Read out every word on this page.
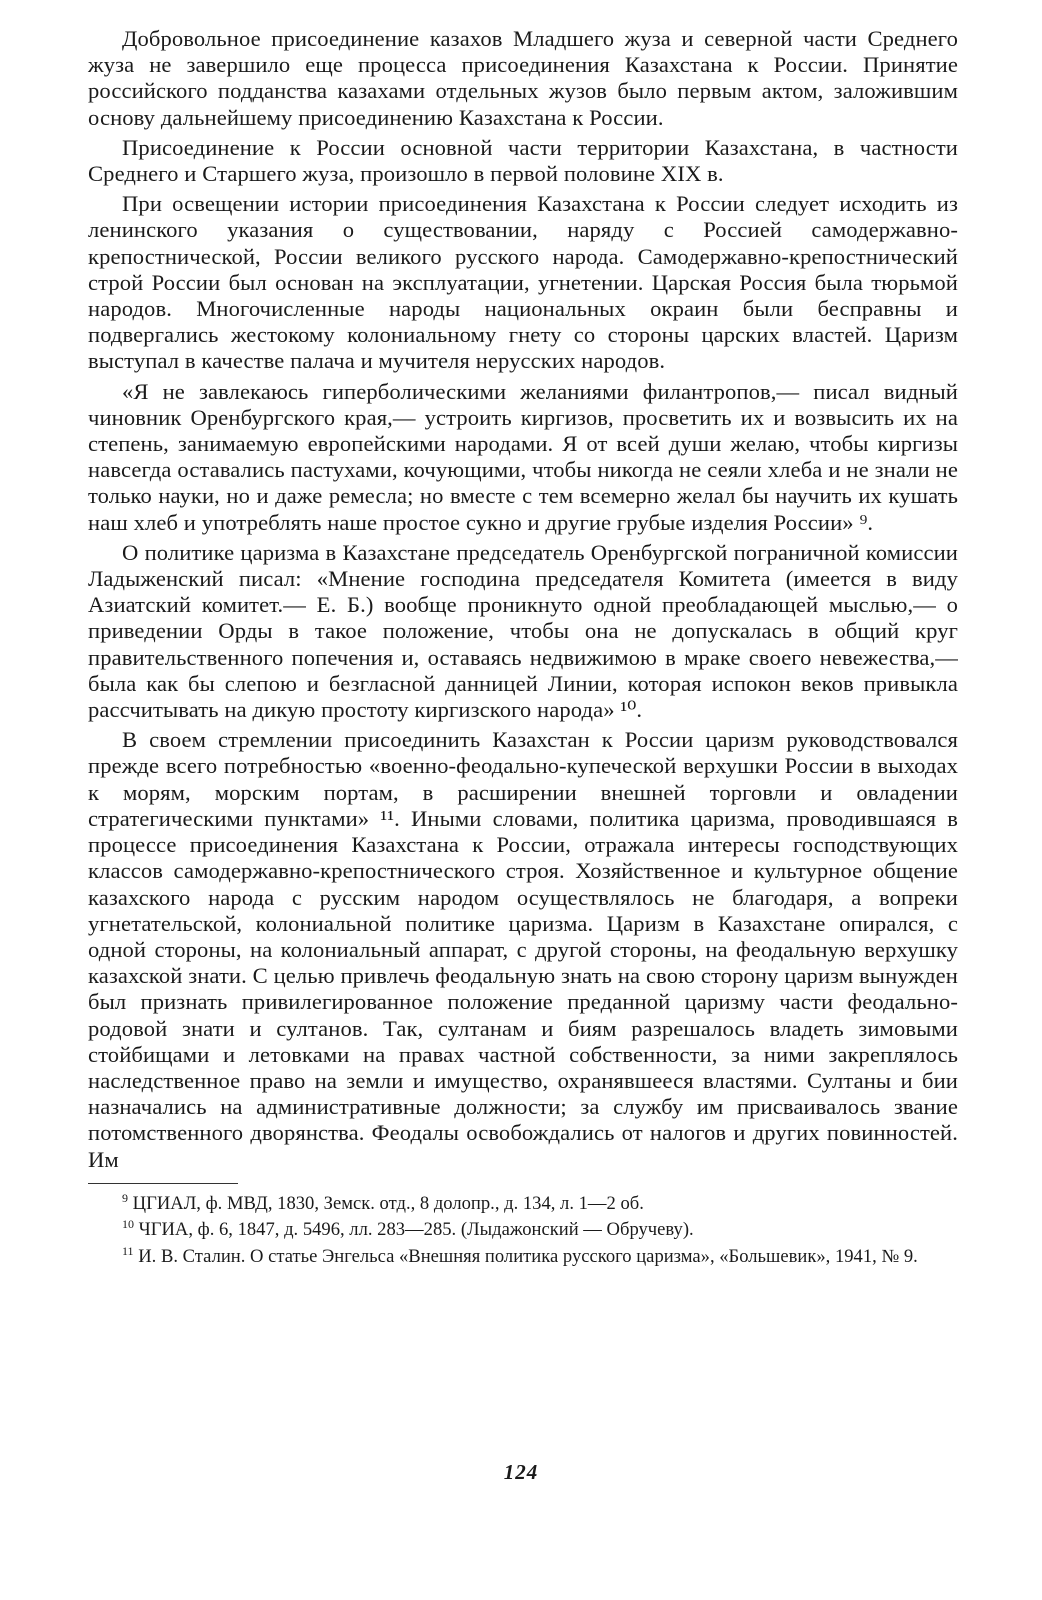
Добровольное присоединение казахов Младшего жуза и северной части Среднего жуза не завершило еще процесса присоединения Казахстана к России. Принятие российского подданства казахами отдельных жузов было первым актом, заложившим основу дальнейшему присоединению Казахстана к России.

Присоединение к России основной части территории Казахстана, в частности Среднего и Старшего жуза, произошло в первой половине XIX в.

При освещении истории присоединения Казахстана к России следует исходить из ленинского указания о существовании, наряду с Россией самодержавно-крепостнической, России великого русского народа. Самодержавно-крепостнический строй России был основан на эксплуатации, угнетении. Царская Россия была тюрьмой народов. Многочисленные народы национальных окраин были бесправны и подвергались жестокому колониальному гнету со стороны царских властей. Царизм выступал в качестве палача и мучителя нерусских народов.

«Я не завлекаюсь гиперболическими желаниями филантропов,— писал видный чиновник Оренбургского края,— устроить киргизов, просветить их и возвысить их на степень, занимаемую европейскими народами. Я от всей души желаю, чтобы киргизы навсегда оставались пастухами, кочующими, чтобы никогда не сеяли хлеба и не знали не только науки, но и даже ремесла; но вместе с тем всемерно желал бы научить их кушать наш хлеб и употреблять наше простое сукно и другие грубые изделия России» ⁹.

О политике царизма в Казахстане председатель Оренбургской пограничной комиссии Ладыженский писал: «Мнение господина председателя Комитета (имеется в виду Азиатский комитет.— Е. Б.) вообще проникнуто одной преобладающей мыслью,— о приведении Орды в такое положение, чтобы она не допускалась в общий круг правительственного попечения и, оставаясь недвижимою в мраке своего невежества,— была как бы слепою и безгласной данницей Линии, которая испокон веков привыкла рассчитывать на дикую простоту киргизского народа» ¹⁰.

В своем стремлении присоединить Казахстан к России царизм руководствовался прежде всего потребностью «военно-феодально-купеческой верхушки России в выходах к морям, морским портам, в расширении внешней торговли и овладении стратегическими пунктами» ¹¹. Иными словами, политика царизма, проводившаяся в процессе присоединения Казахстана к России, отражала интересы господствующих классов самодержавно-крепостнического строя. Хозяйственное и культурное общение казахского народа с русским народом осуществлялось не благодаря, а вопреки угнетательской, колониальной политике царизма. Царизм в Казахстане опирался, с одной стороны, на колониальный аппарат, с другой стороны, на феодальную верхушку казахской знати. С целью привлечь феодальную знать на свою сторону царизм вынужден был признать привилегированное положение преданной царизму части феодально-родовой знати и султанов. Так, султанам и биям разрешалось владеть зимовыми стойбищами и летовками на правах частной собственности, за ними закреплялось наследственное право на земли и имущество, охранявшееся властями. Султаны и бии назначались на административные должности; за службу им присваивалось звание потомственного дворянства. Феодалы освобождались от налогов и других повинностей. Им

$^9$ ЦГИАЛ, ф. МВД, 1830, Земск. отд., 8 долопр., д. 134, л. 1—2 об.

$^{10}$ ЧГИА, ф. 6, 1847, д. 5496, лл. 283—285. (Лыдажонский — Обручеву).

$^{11}$ И. В. Сталин. О статье Энгельса «Внешняя политика русского царизма», «Большевик», 1941, № 9.

124
